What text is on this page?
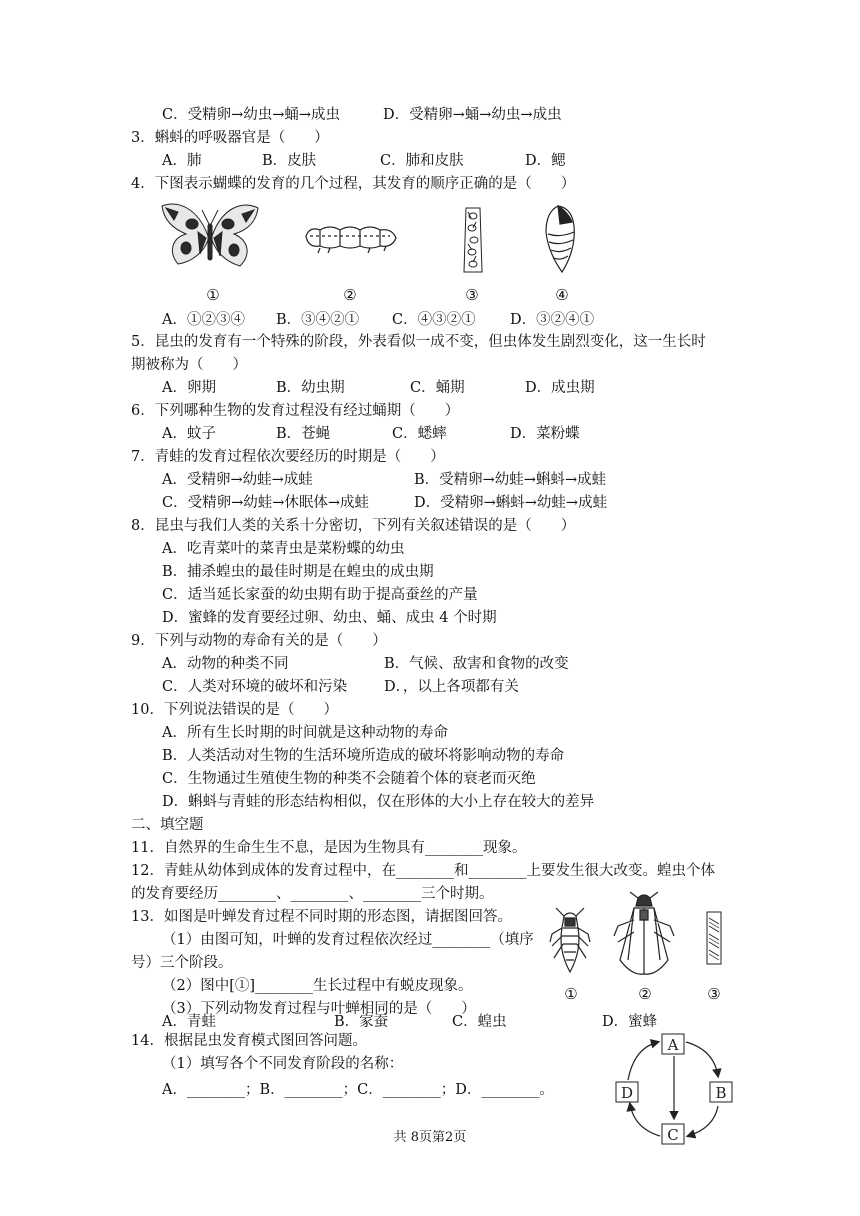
C．受精卵→幼虫→蛹→成虫	D．受精卵→蛹→幼虫→成虫
3．蝌蚪的呼吸器官是（　　）
A．肺	B．皮肤	C．肺和皮肤	D．鳃
4．下图表示蝴蝶的发育的几个过程，其发育的顺序正确的是（　　）
①	②	③	④
A．①②③④ B．③④②① C．④③②① D．③②④①
5．昆虫的发育有一个特殊的阶段，外表看似一成不变，但虫体发生剧烈变化，这一生长时
期被称为（　　）
A．卵期	B．幼虫期	C．蛹期	D．成虫期
6．下列哪种生物的发育过程没有经过蛹期（　　）
A．蚊子	B．苍蝇	C．蟋蟀	D．菜粉蝶
7．青蛙的发育过程依次要经历的时期是（　　）
A．受精卵→幼蛙→成蛙	B．受精卵→幼蛙→蝌蚪→成蛙
C．受精卵→幼蛙→休眠体→成蛙	D．受精卵→蝌蚪→幼蛙→成蛙
8．昆虫与我们人类的关系十分密切，下列有关叙述错误的是（　　）
A．吃青菜叶的菜青虫是菜粉蝶的幼虫
B．捕杀蝗虫的最佳时期是在蝗虫的成虫期
C．适当延长家蚕的幼虫期有助于提高蚕丝的产量
D．蜜蜂的发育要经过卵、幼虫、蛹、成虫 4 个时期
9．下列与动物的寿命有关的是（　　）
A．动物的种类不同	B．气候、敌害和食物的改变
C．人类对环境的破坏和污染	D．，以上各项都有关
10．下列说法错误的是（　　）
A．所有生长时期的时间就是这种动物的寿命
B．人类活动对生物的生活环境所造成的破坏将影响动物的寿命
C．生物通过生殖使生物的种类不会随着个体的衰老而灭绝
D．蝌蚪与青蛙的形态结构相似，仅在形体的大小上存在较大的差异
二、填空题
11．自然界的生命生生不息，是因为生物具有________现象。
12．青蛙从幼体到成体的发育过程中，在________和________上要发生很大改变。蝗虫个体
的发育要经历________、________、________三个时期。
13．如图是叶蝉发育过程不同时期的形态图，请据图回答。
（1）由图可知，叶蝉的发育过程依次经过________（填序
号）三个阶段。
（2）图中[①]________生长过程中有蜕皮现象。
（3）下列动物发育过程与叶蝉相同的是（　　）
①	②	③
A．青蛙	B．家蚕	C．蝗虫	D．蜜蜂
14．根据昆虫发育模式图回答问题。
（1）填写各个不同发育阶段的名称：
A．________；B．________；C．________；D．________。
A
B
C
D
共 8页第2页
